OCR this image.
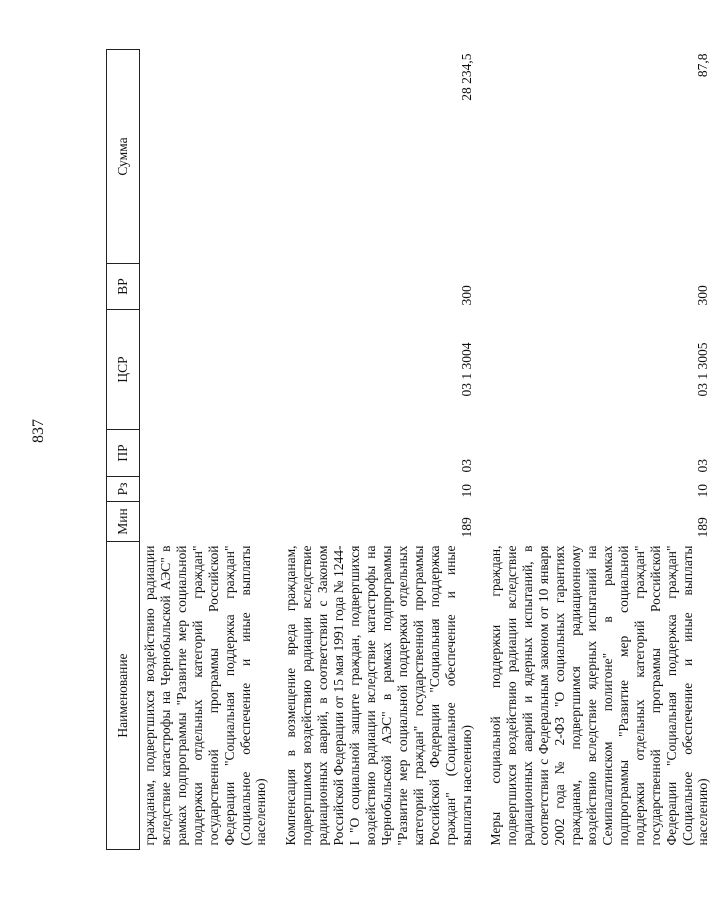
837
Наименование	Мин	Рз	ПР	ЦСР	ВР	Сумма
гражданам, подвергшихся воздействию радиации вследствие катастрофы на Чернобыльской АЭС" в рамках подпрограммы "Развитие мер социальной поддержки отдельных категорий граждан" государственной программы Российской Федерации "Социальная поддержка граждан" (Социальное обеспечение и иные выплаты населению)						
Компенсация в возмещение вреда гражданам, подвергшимся воздействию радиации вследствие радиационных аварий, в соответствии с Законом Российской Федерации от 15 мая 1991 года № 1244-I "О социальной защите граждан, подвергшихся воздействию радиации вследствие катастрофы на Чернобыльской АЭС" в рамках подпрограммы "Развитие мер социальной поддержки отдельных категорий граждан" государственной программы Российской Федерации "Социальная поддержка граждан" (Социальное обеспечение и иные выплаты населению)	189	10	03	03 1 3004	300	28 234,5
Меры социальной поддержки граждан, подвергшихся воздействию радиации вследствие радиационных аварий и ядерных испытаний, в соответствии с Федеральным законом от 10 января 2002 года № 2-ФЗ "О социальных гарантиях гражданам, подвергшимся радиационному воздействию вследствие ядерных испытаний на Семипалатинском полигоне" в рамках подпрограммы "Развитие мер социальной поддержки отдельных категорий граждан" государственной программы Российской Федерации "Социальная поддержка граждан" (Социальное обеспечение и иные выплаты населению)	189	10	03	03 1 3005	300	87,8
